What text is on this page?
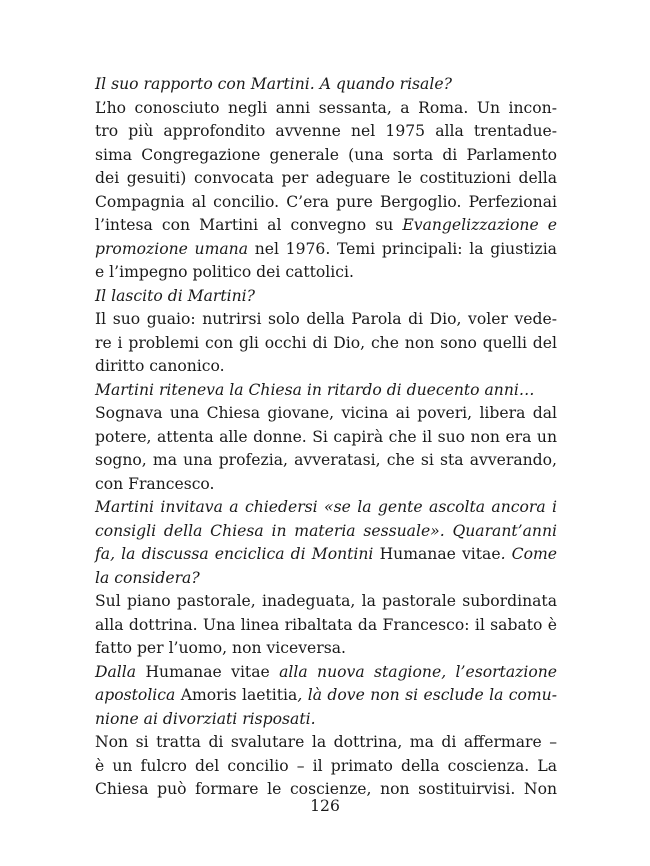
Il suo rapporto con Martini. A quando risale?
L’ho conosciuto negli anni sessanta, a Roma. Un incon-
tro più approfondito avvenne nel 1975 alla trentadue-
sima Congregazione generale (una sorta di Parlamento
dei gesuiti) convocata per adeguare le costituzioni della
Compagnia al concilio. C’era pure Bergoglio. Perfezionai
l’intesa con Martini al convegno su Evangelizzazione e
promozione umana nel 1976. Temi principali: la giustizia
e l’impegno politico dei cattolici.
Il lascito di Martini?
Il suo guaio: nutrirsi solo della Parola di Dio, voler vede-
re i problemi con gli occhi di Dio, che non sono quelli del
diritto canonico.
Martini riteneva la Chiesa in ritardo di duecento anni…
Sognava una Chiesa giovane, vicina ai poveri, libera dal
potere, attenta alle donne. Si capirà che il suo non era un
sogno, ma una profezia, avveratasi, che si sta avverando,
con Francesco.
Martini invitava a chiedersi «se la gente ascolta ancora i
consigli della Chiesa in materia sessuale». Quarant’anni
fa, la discussa enciclica di Montini Humanae vitae. Come
la considera?
Sul piano pastorale, inadeguata, la pastorale subordinata
alla dottrina. Una linea ribaltata da Francesco: il sabato è
fatto per l’uomo, non viceversa.
Dalla Humanae vitae alla nuova stagione, l’esortazione
apostolica Amoris laetitia, là dove non si esclude la comu-
nione ai divorziati risposati.
Non si tratta di svalutare la dottrina, ma di affermare –
è un fulcro del concilio – il primato della coscienza. La
Chiesa può formare le coscienze, non sostituirvisi. Non
126
